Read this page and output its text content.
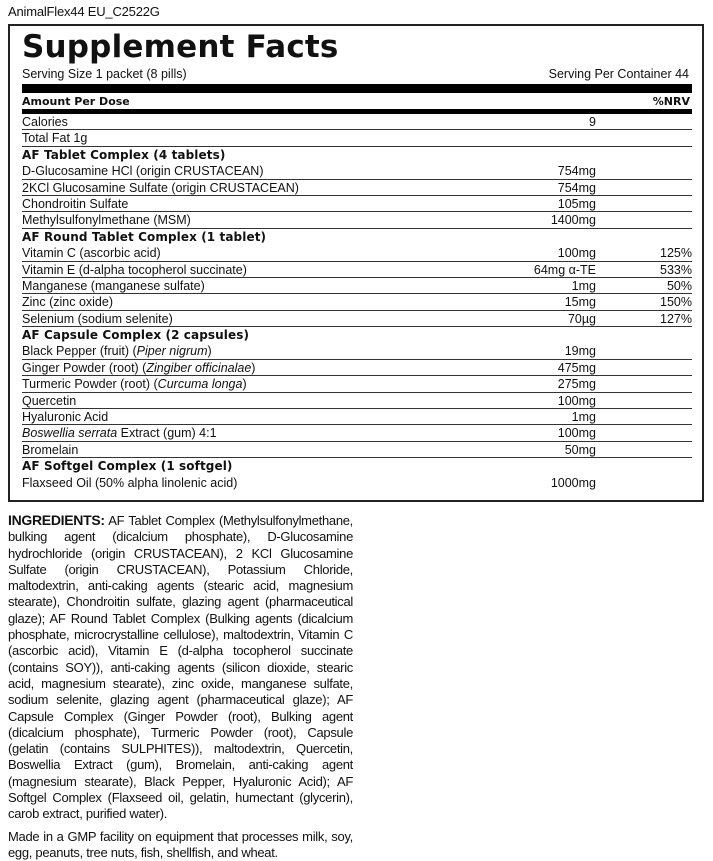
AnimalFlex44 EU_C2522G
Supplement Facts
Serving Size 1 packet (8 pills)	Serving Per Container 44
Amount Per Dose	%NRV
Calories	9
Total Fat 1g
AF Tablet Complex (4 tablets)
D-Glucosamine HCl (origin CRUSTACEAN)	754mg
2KCl Glucosamine Sulfate (origin CRUSTACEAN)	754mg
Chondroitin Sulfate	105mg
Methylsulfonylmethane (MSM)	1400mg
AF Round Tablet Complex (1 tablet)
Vitamin C (ascorbic acid)	100mg	125%
Vitamin E (d-alpha tocopherol succinate)	64mg α-TE	533%
Manganese (manganese sulfate)	1mg	50%
Zinc (zinc oxide)	15mg	150%
Selenium (sodium selenite)	70µg	127%
AF Capsule Complex (2 capsules)
Black Pepper (fruit) (Piper nigrum)	19mg
Ginger Powder (root) (Zingiber officinalae)	475mg
Turmeric Powder (root) (Curcuma longa)	275mg
Quercetin	100mg
Hyaluronic Acid	1mg
Boswellia serrata Extract (gum) 4:1	100mg
Bromelain	50mg
AF Softgel Complex (1 softgel)
Flaxseed Oil (50% alpha linolenic acid)	1000mg

INGREDIENTS: AF Tablet Complex (Methylsulfonylmethane, bulking agent (dicalcium phosphate), D-Glucosamine hydrochloride (origin CRUSTACEAN), 2 KCl Glucosamine Sulfate (origin CRUSTACEAN), Potassium Chloride, maltodextrin, anti-caking agents (stearic acid, magnesium stearate), Chondroitin sulfate, glazing agent (pharmaceutical glaze); AF Round Tablet Complex (Bulking agents (dicalcium phosphate, microcrystalline cellulose), maltodextrin, Vitamin C (ascorbic acid), Vitamin E (d-alpha tocopherol succinate (contains SOY)), anti-caking agents (silicon dioxide, stearic acid, magnesium stearate), zinc oxide, manganese sulfate, sodium selenite, glazing agent (pharmaceutical glaze); AF Capsule Complex (Ginger Powder (root), Bulking agent (dicalcium phosphate), Turmeric Powder (root), Capsule (gelatin (contains SULPHITES)), maltodextrin, Quercetin, Boswellia Extract (gum), Bromelain, anti-caking agent (magnesium stearate), Black Pepper, Hyaluronic Acid); AF Softgel Complex (Flaxseed oil, gelatin, humectant (glycerin), carob extract, purified water).

Made in a GMP facility on equipment that processes milk, soy, egg, peanuts, tree nuts, fish, shellfish, and wheat.
